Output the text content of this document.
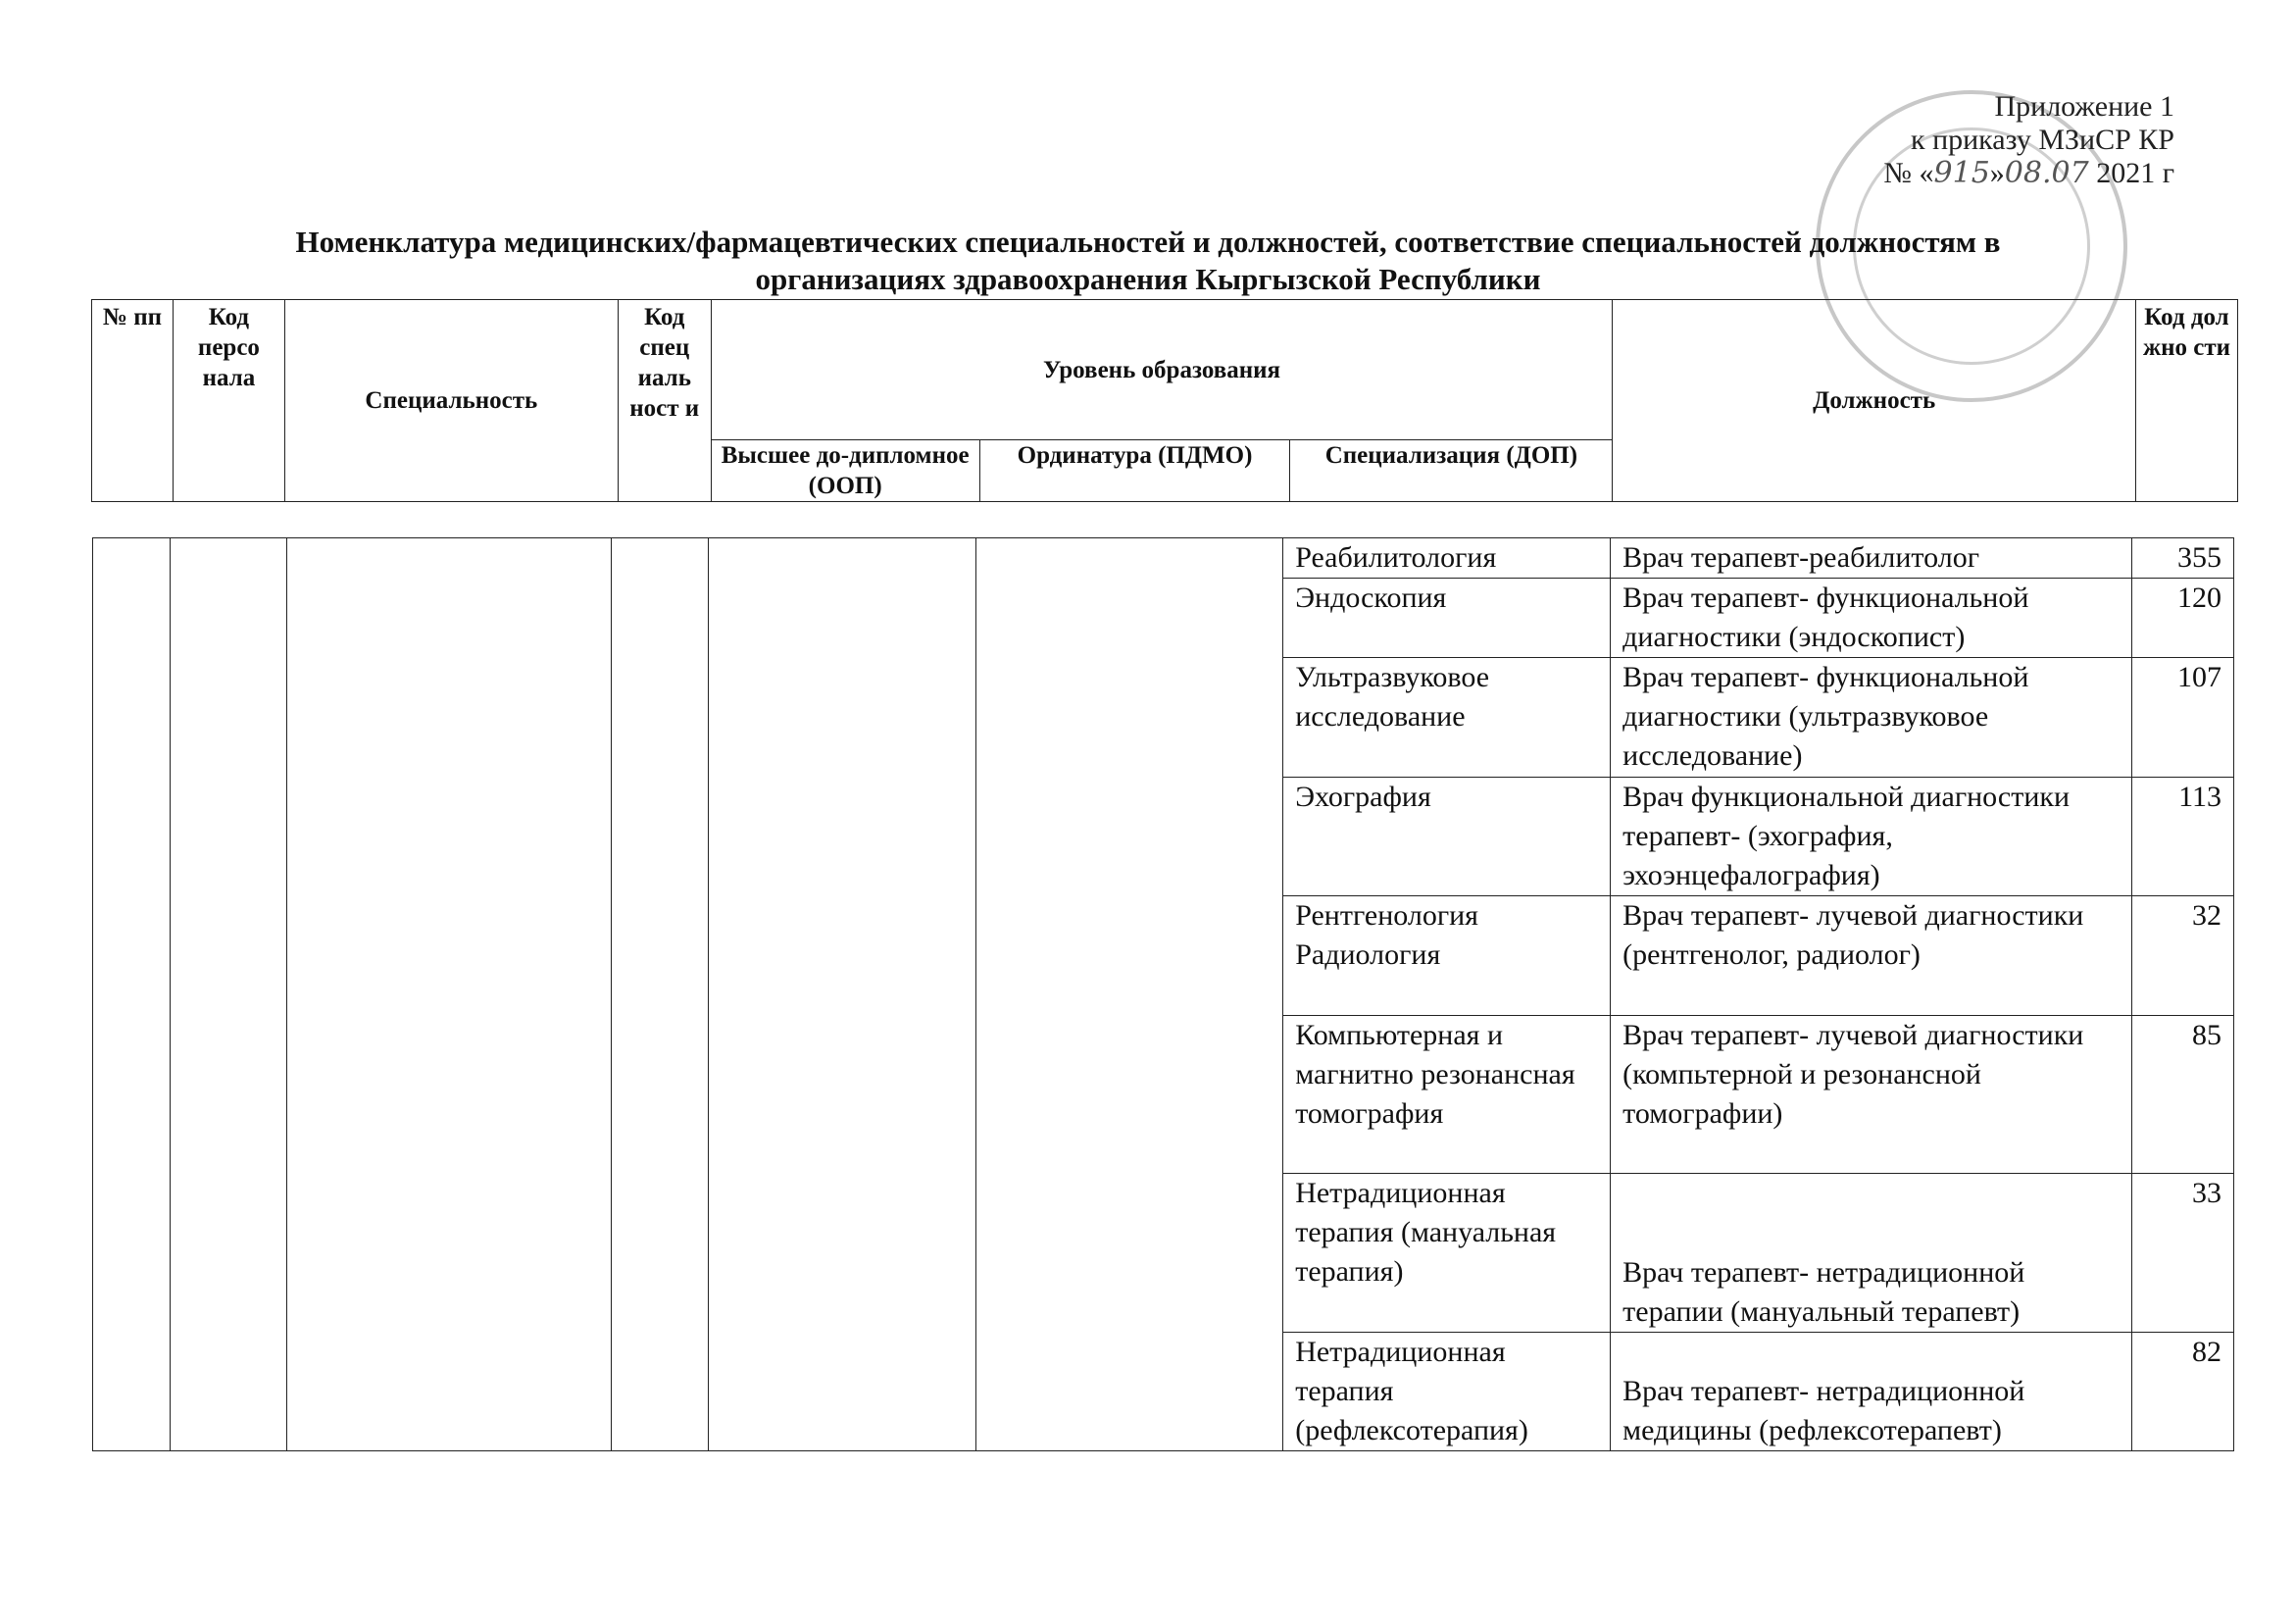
Приложение 1
к приказу МЗиСР КР
№ «915»08.07 2021 г
Номенклатура медицинских/фармацевтических специальностей и должностей, соответствие специальностей должностям в
организациях здравоохранения Кыргызской Республики
№ пп	Код персо нала	Специальность	Код спец иаль ност и	Уровень образования			Должность	Код дол жно сти
				Высшее до-дипломное (ООП)	Ординатура (ПДМО)	Специализация (ДОП)		
						Реабилитология	Врач терапевт-реабилитолог	355
						Эндоскопия	Врач терапевт- функциональной диагностики (эндоскопист)	120
						Ультразвуковое исследование	Врач терапевт- функциональной диагностики (ультразвуковое исследование)	107
						Эхография	Врач функциональной диагностики терапевт- (эхография, эхоэнцефалография)	113
						Рентгенология Радиология	Врач терапевт- лучевой диагностики (рентгенолог, радиолог)	32
						Компьютерная и магнитно резонансная томография	Врач терапевт- лучевой диагностики (компьтерной и резонансной томографии)	85
						Нетрадиционная терапия (мануальная терапия)	Врач терапевт- нетрадиционной терапии (мануальный терапевт)	33
						Нетрадиционная терапия (рефлексотерапия)	Врач терапевт- нетрадиционной медицины (рефлексотерапевт)	82
